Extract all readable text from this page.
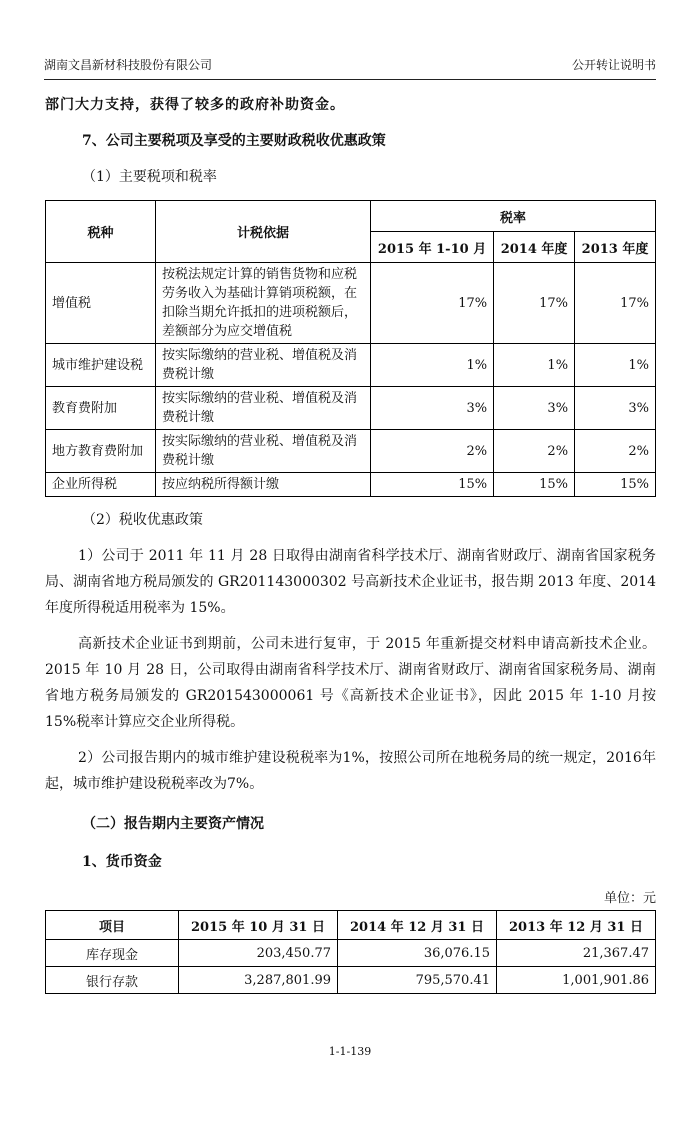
湖南文昌新材科技股份有限公司	公开转让说明书

部门大力支持，获得了较多的政府补助资金。

7、公司主要税项及享受的主要财政税收优惠政策

（1）主要税项和税率

税种	计税依据	税率		
		2015 年 1-10 月	2014 年度	2013 年度
增值税	按税法规定计算的销售货物和应税劳务收入为基础计算销项税额，在扣除当期允许抵扣的进项税额后，差额部分为应交增值税	17%	17%	17%
城市维护建设税	按实际缴纳的营业税、增值税及消费税计缴	1%	1%	1%
教育费附加	按实际缴纳的营业税、增值税及消费税计缴	3%	3%	3%
地方教育费附加	按实际缴纳的营业税、增值税及消费税计缴	2%	2%	2%
企业所得税	按应纳税所得额计缴	15%	15%	15%

（2）税收优惠政策

1）公司于 2011 年 11 月 28 日取得由湖南省科学技术厅、湖南省财政厅、湖南省国家税务局、湖南省地方税局颁发的 GR201143000302 号高新技术企业证书，报告期 2013 年度、2014 年度所得税适用税率为 15%。

高新技术企业证书到期前，公司未进行复审，于 2015 年重新提交材料申请高新技术企业。2015 年 10 月 28 日，公司取得由湖南省科学技术厅、湖南省财政厅、湖南省国家税务局、湖南省地方税务局颁发的 GR201543000061 号《高新技术企业证书》，因此 2015 年 1-10 月按 15%税率计算应交企业所得税。

2）公司报告期内的城市维护建设税税率为1%，按照公司所在地税务局的统一规定，2016年起，城市维护建设税税率改为7%。

（二）报告期内主要资产情况

1、货币资金

单位：元
项目	2015 年 10 月 31 日	2014 年 12 月 31 日	2013 年 12 月 31 日
库存现金	203,450.77	36,076.15	21,367.47
银行存款	3,287,801.99	795,570.41	1,001,901.86
1-1-139
